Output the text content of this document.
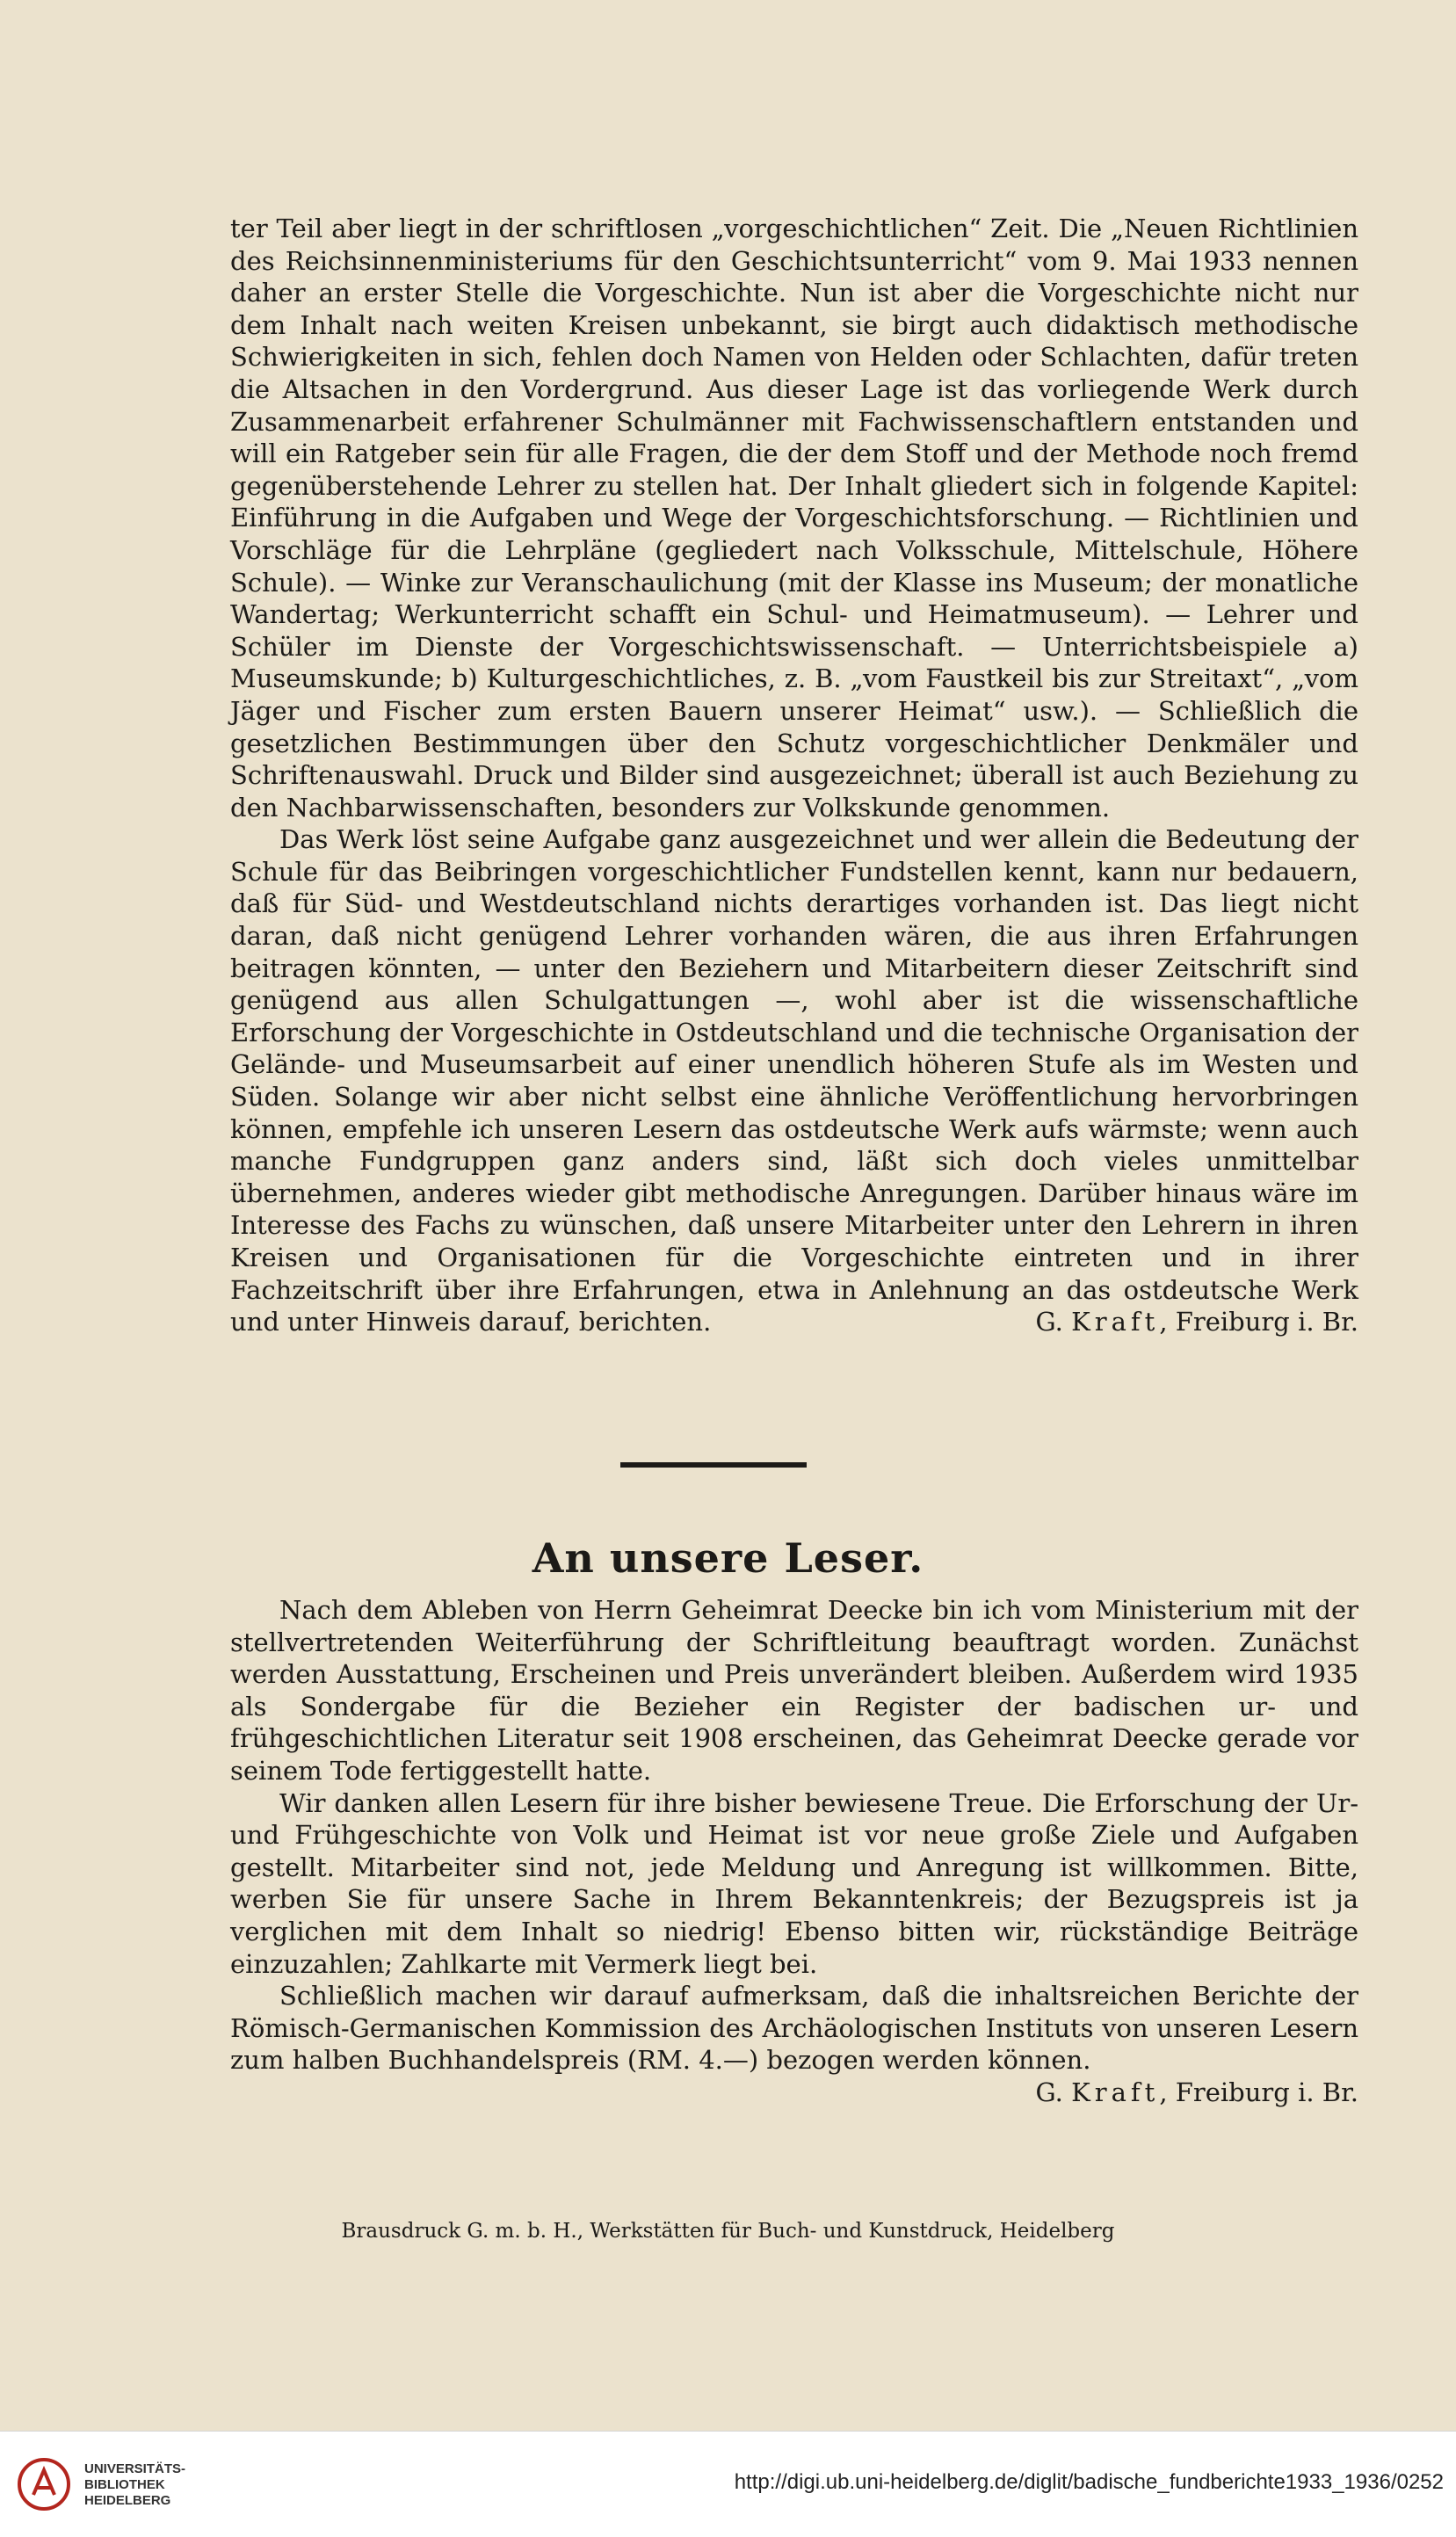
ter Teil aber liegt in der schriftlosen „vorgeschichtlichen“ Zeit. Die „Neuen Richtlinien des Reichsinnenministeriums für den Geschichtsunterricht“ vom 9. Mai 1933 nennen daher an erster Stelle die Vorgeschichte. Nun ist aber die Vorgeschichte nicht nur dem Inhalt nach weiten Kreisen unbekannt, sie birgt auch didaktisch methodische Schwierigkeiten in sich, fehlen doch Namen von Helden oder Schlachten, dafür treten die Altsachen in den Vordergrund. Aus dieser Lage ist das vorliegende Werk durch Zusammenarbeit erfahrener Schulmänner mit Fachwissenschaftlern entstanden und will ein Ratgeber sein für alle Fragen, die der dem Stoff und der Methode noch fremd gegenüberstehende Lehrer zu stellen hat. Der Inhalt gliedert sich in folgende Kapitel: Einführung in die Aufgaben und Wege der Vorgeschichtsforschung. — Richtlinien und Vorschläge für die Lehrpläne (gegliedert nach Volksschule, Mittelschule, Höhere Schule). — Winke zur Veranschaulichung (mit der Klasse ins Museum; der monatliche Wandertag; Werkunterricht schafft ein Schul- und Heimatmuseum). — Lehrer und Schüler im Dienste der Vorgeschichtswissenschaft. — Unterrichtsbeispiele a) Museumskunde; b) Kulturgeschichtliches, z. B. „vom Faustkeil bis zur Streitaxt“, „vom Jäger und Fischer zum ersten Bauern unserer Heimat“ usw.). — Schließlich die gesetzlichen Bestimmungen über den Schutz vorgeschichtlicher Denkmäler und Schriftenauswahl. Druck und Bilder sind ausgezeichnet; überall ist auch Beziehung zu den Nachbarwissenschaften, besonders zur Volkskunde genommen.

Das Werk löst seine Aufgabe ganz ausgezeichnet und wer allein die Bedeutung der Schule für das Beibringen vorgeschichtlicher Fundstellen kennt, kann nur bedauern, daß für Süd- und Westdeutschland nichts derartiges vorhanden ist. Das liegt nicht daran, daß nicht genügend Lehrer vorhanden wären, die aus ihren Erfahrungen beitragen könnten, — unter den Beziehern und Mitarbeitern dieser Zeitschrift sind genügend aus allen Schulgattungen —, wohl aber ist die wissenschaftliche Erforschung der Vorgeschichte in Ostdeutschland und die technische Organisation der Gelände- und Museumsarbeit auf einer unendlich höheren Stufe als im Westen und Süden. Solange wir aber nicht selbst eine ähnliche Veröffentlichung hervorbringen können, empfehle ich unseren Lesern das ostdeutsche Werk aufs wärmste; wenn auch manche Fundgruppen ganz anders sind, läßt sich doch vieles unmittelbar übernehmen, anderes wieder gibt methodische Anregungen. Darüber hinaus wäre im Interesse des Fachs zu wünschen, daß unsere Mitarbeiter unter den Lehrern in ihren Kreisen und Organisationen für die Vorgeschichte eintreten und in ihrer Fachzeitschrift über ihre Erfahrungen, etwa in Anlehnung an das ostdeutsche Werk und unter Hinweis darauf, berichten.	G. Kraft, Freiburg i. Br.

An unsere Leser.

Nach dem Ableben von Herrn Geheimrat Deecke bin ich vom Ministerium mit der stellvertretenden Weiterführung der Schriftleitung beauftragt worden. Zunächst werden Ausstattung, Erscheinen und Preis unverändert bleiben. Außerdem wird 1935 als Sondergabe für die Bezieher ein Register der badischen ur- und frühgeschichtlichen Literatur seit 1908 erscheinen, das Geheimrat Deecke gerade vor seinem Tode fertiggestellt hatte.

Wir danken allen Lesern für ihre bisher bewiesene Treue. Die Erforschung der Ur- und Frühgeschichte von Volk und Heimat ist vor neue große Ziele und Aufgaben gestellt. Mitarbeiter sind not, jede Meldung und Anregung ist willkommen. Bitte, werben Sie für unsere Sache in Ihrem Bekanntenkreis; der Bezugspreis ist ja verglichen mit dem Inhalt so niedrig! Ebenso bitten wir, rückständige Beiträge einzuzahlen; Zahlkarte mit Vermerk liegt bei.

Schließlich machen wir darauf aufmerksam, daß die inhaltsreichen Berichte der Römisch-Germanischen Kommission des Archäologischen Instituts von unseren Lesern zum halben Buchhandelspreis (RM. 4.—) bezogen werden können.
G. Kraft, Freiburg i. Br.

Brausdruck G. m. b. H., Werkstätten für Buch- und Kunstdruck, Heidelberg
UNIVERSITÄTS-
BIBLIOTHEK
HEIDELBERG
http://digi.ub.uni-heidelberg.de/diglit/badische_fundberichte1933_1936/0252
